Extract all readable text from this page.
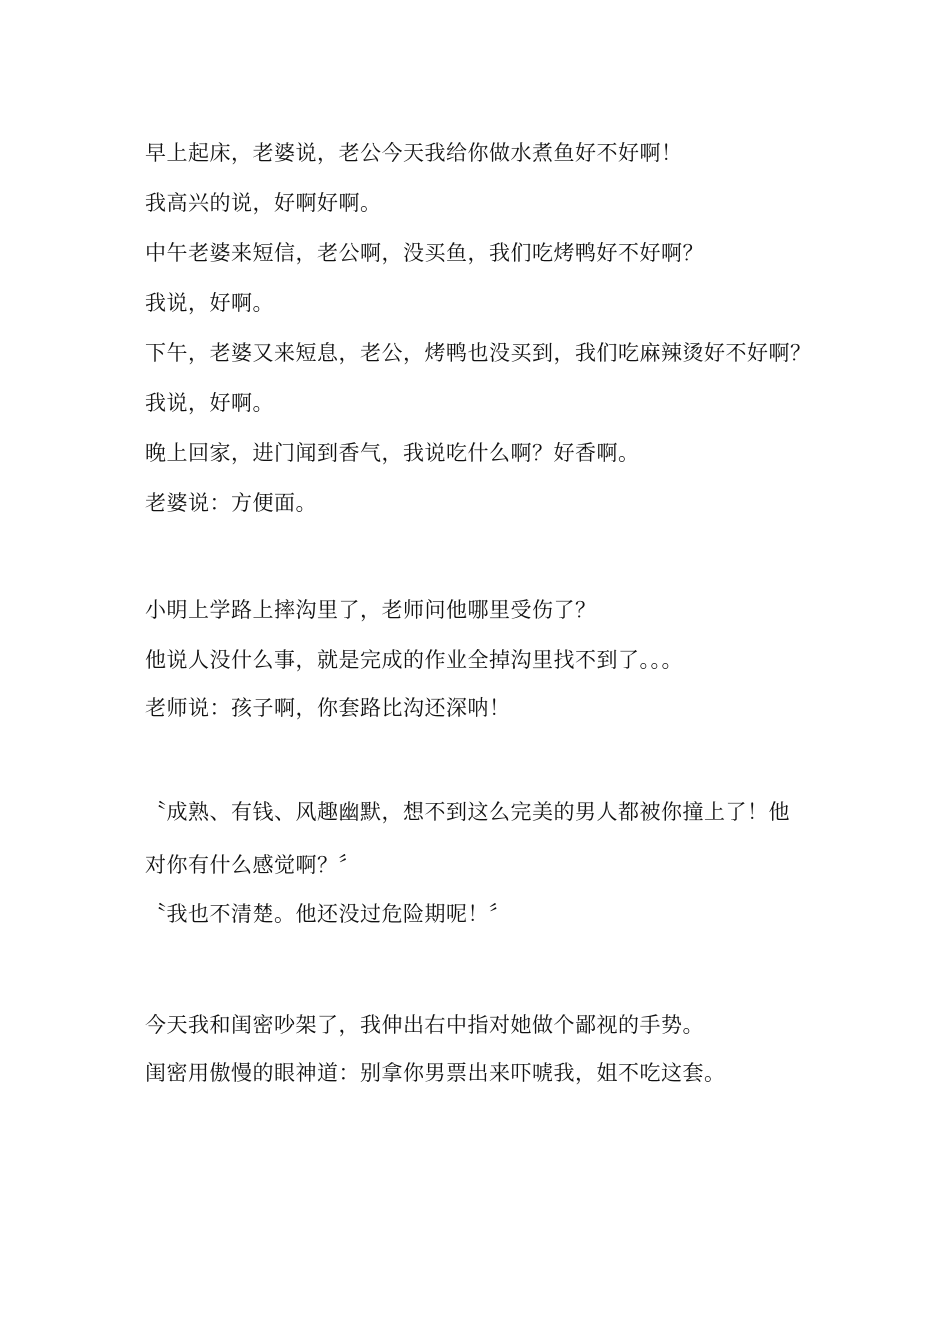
早上起床，老婆说，老公今天我给你做水煮鱼好不好啊！
我高兴的说，好啊好啊。
中午老婆来短信，老公啊，没买鱼，我们吃烤鸭好不好啊？
我说，好啊。
下午，老婆又来短息，老公，烤鸭也没买到，我们吃麻辣烫好不好啊？
我说，好啊。
晚上回家，进门闻到香气，我说吃什么啊？好香啊。
老婆说：方便面。
小明上学路上摔沟里了，老师问他哪里受伤了？
他说人没什么事，就是完成的作业全掉沟里找不到了。。。
老师说：孩子啊，你套路比沟还深呐！
〝成熟、有钱、风趣幽默，想不到这么完美的男人都被你撞上了！他
对你有什么感觉啊？〞
〝我也不清楚。他还没过危险期呢！〞
今天我和闺密吵架了，我伸出右中指对她做个鄙视的手势。
闺密用傲慢的眼神道：别拿你男票出来吓唬我，姐不吃这套。
